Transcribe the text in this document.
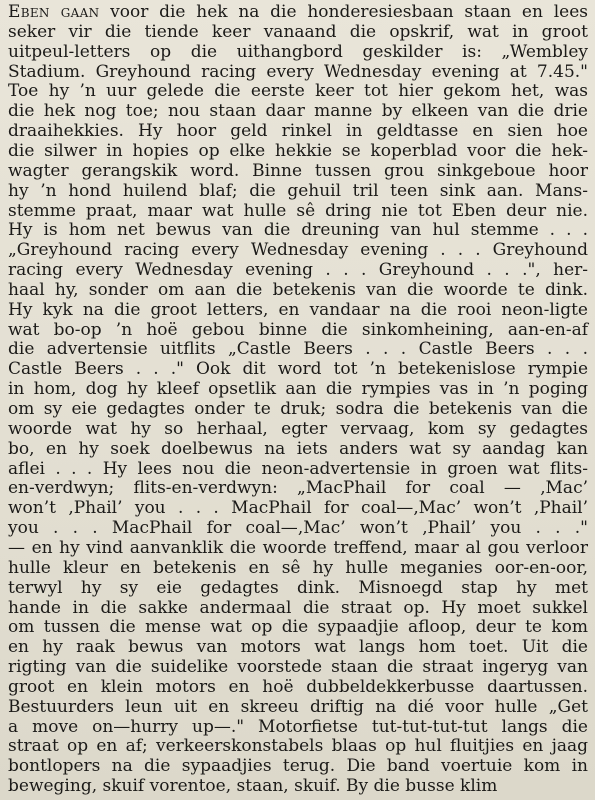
Eben gaan voor die hek na die honderesiesbaan staan en lees
seker vir die tiende keer vanaand die opskrif, wat in groot
uitpeul-letters op die uithangbord geskilder is: „Wembley
Stadium. Greyhound racing every Wednesday evening at 7.45."
Toe hy ’n uur gelede die eerste keer tot hier gekom het, was
die hek nog toe; nou staan daar manne by elkeen van die drie
draaihekkies. Hy hoor geld rinkel in geldtasse en sien hoe
die silwer in hopies op elke hekkie se koperblad voor die hek-
wagter gerangskik word. Binne tussen grou sinkgeboue hoor
hy ’n hond huilend blaf; die gehuil tril teen sink aan. Mans-
stemme praat, maar wat hulle sê dring nie tot Eben deur nie.
Hy is hom net bewus van die dreuning van hul stemme . . .
„Greyhound racing every Wednesday evening . . . Greyhound
racing every Wednesday evening . . . Greyhound . . .", her-
haal hy, sonder om aan die betekenis van die woorde te dink.
Hy kyk na die groot letters, en vandaar na die rooi neon-ligte
wat bo-op ’n hoë gebou binne die sinkomheining, aan-en-af
die advertensie uitflits „Castle Beers . . . Castle Beers . . .
Castle Beers . . ." Ook dit word tot ’n betekenislose rympie
in hom, dog hy kleef opsetlik aan die rympies vas in ’n poging
om sy eie gedagtes onder te druk; sodra die betekenis van die
woorde wat hy so herhaal, egter vervaag, kom sy gedagtes
bo, en hy soek doelbewus na iets anders wat sy aandag kan
aflei . . . Hy lees nou die neon-advertensie in groen wat flits-
en-verdwyn; flits-en-verdwyn: „MacPhail for coal — ‚Mac’
won’t ‚Phail’ you . . . MacPhail for coal—‚Mac’ won’t ‚Phail’
you . . . MacPhail for coal—‚Mac’ won’t ‚Phail’ you . . ."
— en hy vind aanvanklik die woorde treffend, maar al gou verloor
hulle kleur en betekenis en sê hy hulle meganies oor-en-oor,
terwyl hy sy eie gedagtes dink. Misnoegd stap hy met
hande in die sakke andermaal die straat op. Hy moet sukkel
om tussen die mense wat op die sypaadjie afloop, deur te kom
en hy raak bewus van motors wat langs hom toet. Uit die
rigting van die suidelike voorstede staan die straat ingeryg van
groot en klein motors en hoë dubbeldekkerbusse daartussen.
Bestuurders leun uit en skreeu driftig na dié voor hulle „Get
a move on—hurry up—." Motorfietse tut-tut-tut-tut langs die
straat op en af; verkeerskonstabels blaas op hul fluitjies en jaag
bontlopers na die sypaadjies terug. Die band voertuie kom in
beweging, skuif vorentoe, staan, skuif. By die busse klim
